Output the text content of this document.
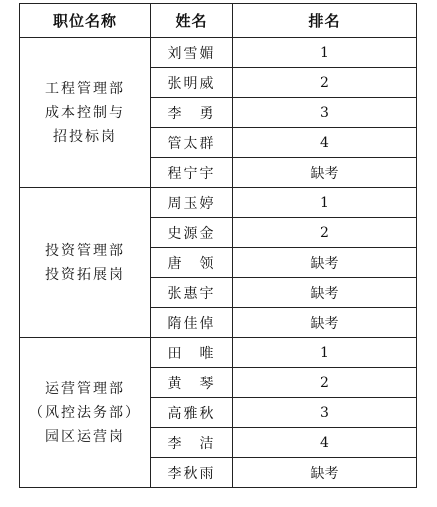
职位名称	姓名	排名

工程管理部
成本控制与
招投标岗	刘雪媚	1
	张明威	2
	李　勇	3
	管太群	4
	程宁宇	缺考

投资管理部
投资拓展岗	周玉婷	1
	史源金	2
	唐　领	缺考
	张惠宇	缺考
	隋佳倬	缺考

运营管理部
（风控法务部）
园区运营岗	田　唯	1
	黄　琴	2
	高雅秋	3
	李　洁	4
	李秋雨	缺考
